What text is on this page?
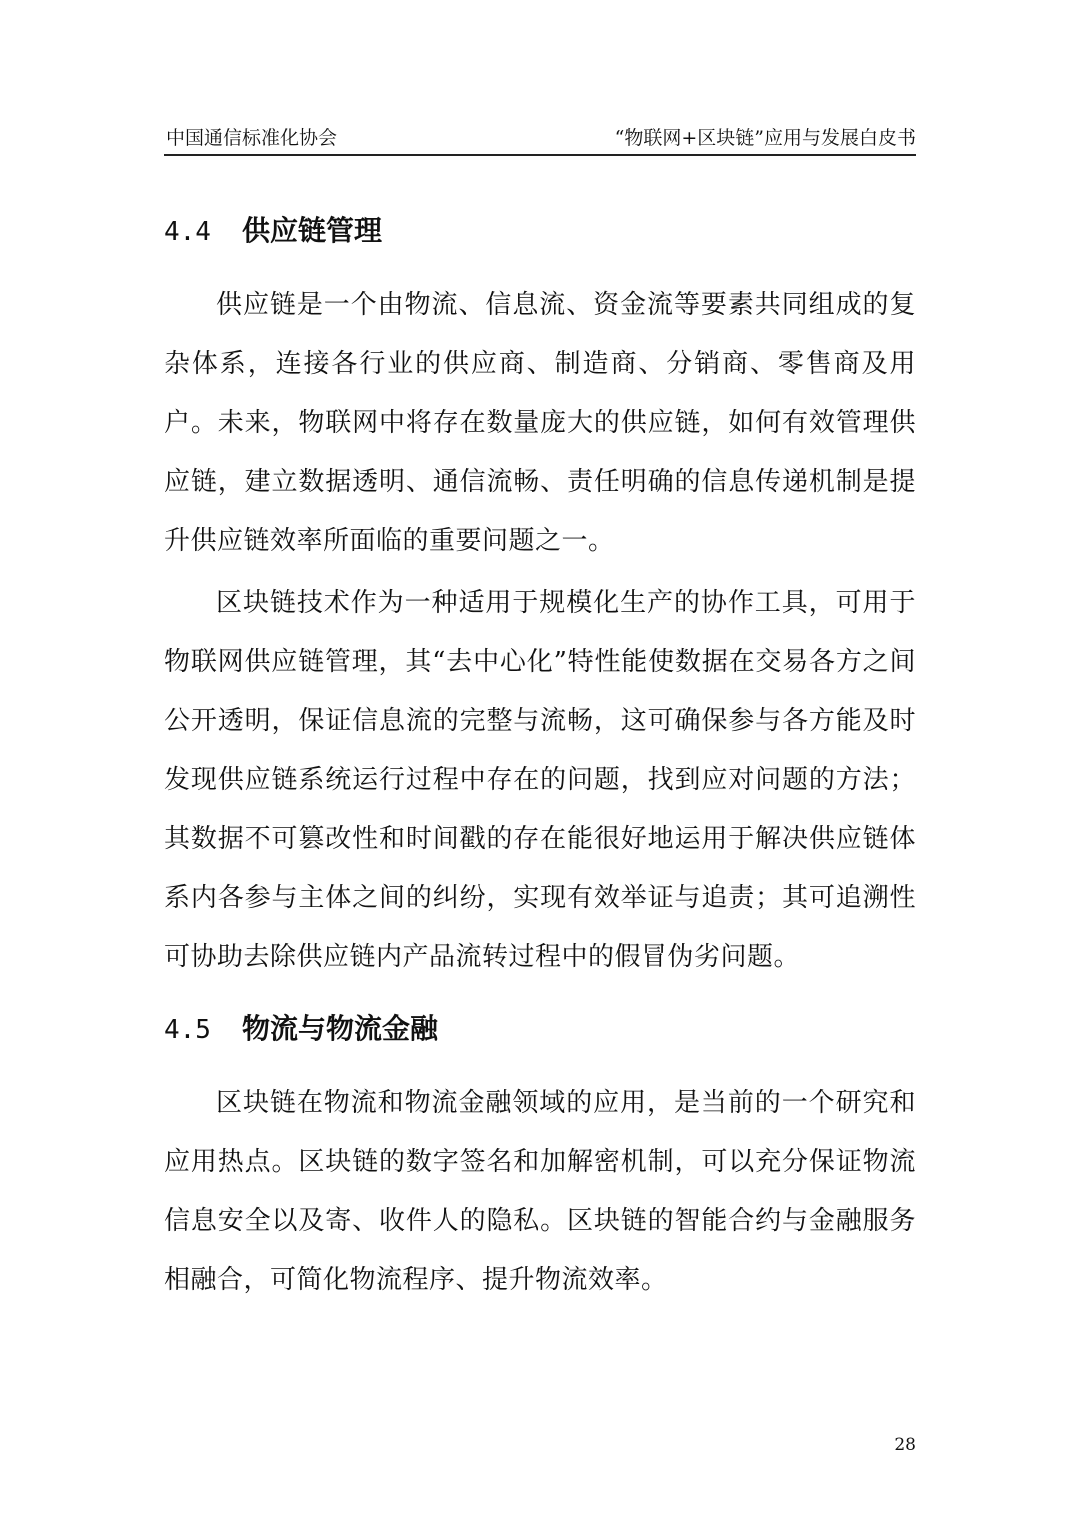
中国通信标准化协会	“物联网+区块链”应用与发展白皮书
4.4 供应链管理

供应链是一个由物流、信息流、资金流等要素共同组成的复杂体系，连接各行业的供应商、制造商、分销商、零售商及用户。未来，物联网中将存在数量庞大的供应链，如何有效管理供应链，建立数据透明、通信流畅、责任明确的信息传递机制是提升供应链效率所面临的重要问题之一。

区块链技术作为一种适用于规模化生产的协作工具，可用于物联网供应链管理，其“去中心化”特性能使数据在交易各方之间公开透明，保证信息流的完整与流畅，这可确保参与各方能及时发现供应链系统运行过程中存在的问题，找到应对问题的方法；其数据不可篡改性和时间戳的存在能很好地运用于解决供应链体系内各参与主体之间的纠纷，实现有效举证与追责；其可追溯性可协助去除供应链内产品流转过程中的假冒伪劣问题。

4.5 物流与物流金融

区块链在物流和物流金融领域的应用，是当前的一个研究和应用热点。区块链的数字签名和加解密机制，可以充分保证物流信息安全以及寄、收件人的隐私。区块链的智能合约与金融服务相融合，可简化物流程序、提升物流效率。

28
